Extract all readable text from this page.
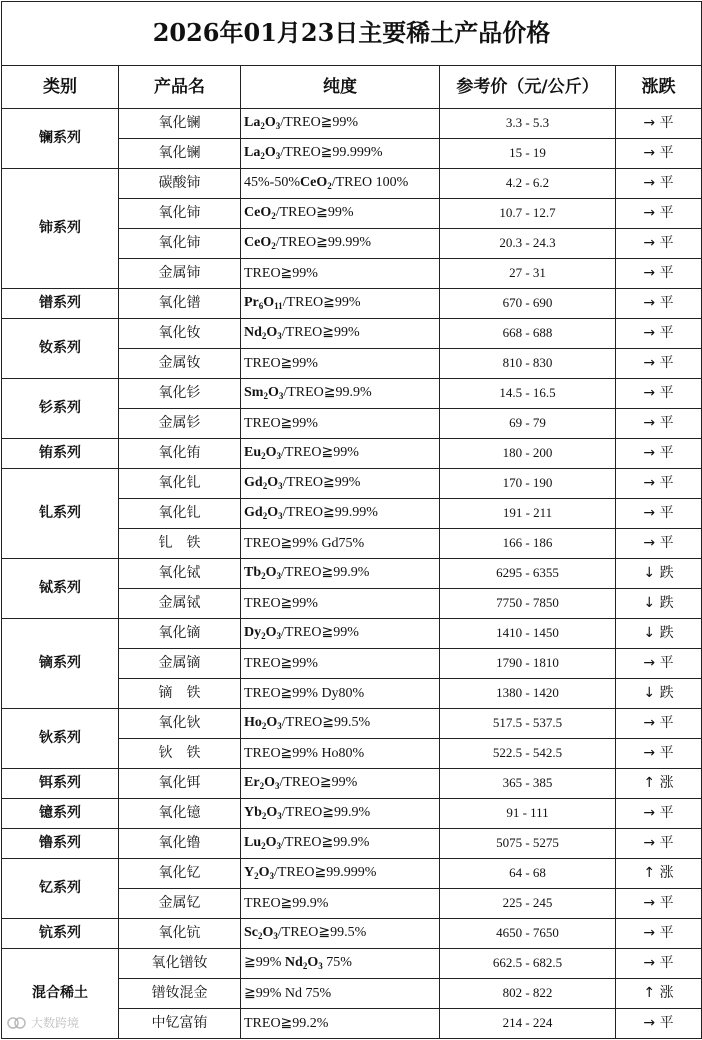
2026年01月23日主要稀土产品价格				
类别	产品名	纯度	参考价（元/公斤）	涨跌
镧系列	氧化镧	$La_2O_3/TREO≧99\%$	3.3 - 5.3	→ 平
	氧化镧	$La_2O_3/TREO≧99.999\%$	15 - 19	→ 平
铈系列	碳酸铈	45%-50%CeO$_2$/TREO 100%	4.2 - 6.2	→ 平
	氧化铈	CeO$_2$/TREO≧99%	10.7 - 12.7	→ 平
	氧化铈	CeO$_2$/TREO≧99.99%	20.3 - 24.3	→ 平
	金属铈	TREO≧99%	27 - 31	→ 平
镨系列	氧化镨	$Pr_6O_{11}/TREO≧99\%$	670 - 690	→ 平
钕系列	氧化钕	$Nd_2O_3/TREO≧99\%$	668 - 688	→ 平
	金属钕	TREO≧99%	810 - 830	→ 平
钐系列	氧化钐	$Sm_2O_3/TREO≧99.9\%$	14.5 - 16.5	→ 平
	金属钐	TREO≧99%	69 - 79	→ 平
铕系列	氧化铕	$Eu_2O_3/TREO≧99\%$	180 - 200	→ 平
钆系列	氧化钆	$Gd_2O_3/TREO≧99\%$	170 - 190	→ 平
	氧化钆	$Gd_2O_3/TREO≧99.99\%$	191 - 211	→ 平
	钆　铁	TREO≧99% Gd75%	166 - 186	→ 平
铽系列	氧化铽	$Tb_2O_3/TREO≧99.9\%$	6295 - 6355	↓ 跌
	金属铽	TREO≧99%	7750 - 7850	↓ 跌
镝系列	氧化镝	$Dy_2O_3/TREO≧99\%$	1410 - 1450	↓ 跌
	金属镝	TREO≧99%	1790 - 1810	→ 平
	镝　铁	TREO≧99% Dy80%	1380 - 1420	↓ 跌
钬系列	氧化钬	$Ho_2O_3/TREO≧99.5\%$	517.5 - 537.5	→ 平
	钬　铁	TREO≧99% Ho80%	522.5 - 542.5	→ 平
铒系列	氧化铒	$Er_2O_3/TREO≧99\%$	365 - 385	↑ 涨
镱系列	氧化镱	$Yb_2O_3/TREO≧99.9\%$	91 - 111	→ 平
镥系列	氧化镥	$Lu_2O_3/TREO≧99.9\%$	5075 - 5275	→ 平
钇系列	氧化钇	$Y_2O_3/TREO≧99.999\%$	64 - 68	↑ 涨
	金属钇	TREO≧99.9%	225 - 245	→ 平
钪系列	氧化钪	$Sc_2O_3/TREO≧99.5\%$	4650 - 7650	→ 平
混合稀土	氧化镨钕	≧99% $Nd_2O_3$ 75%	662.5 - 682.5	→ 平
	镨钕混金	≧99% Nd 75%	802 - 822	↑ 涨
	中钇富铕	TREO≧99.2%	214 - 224	→ 平
大数跨境
